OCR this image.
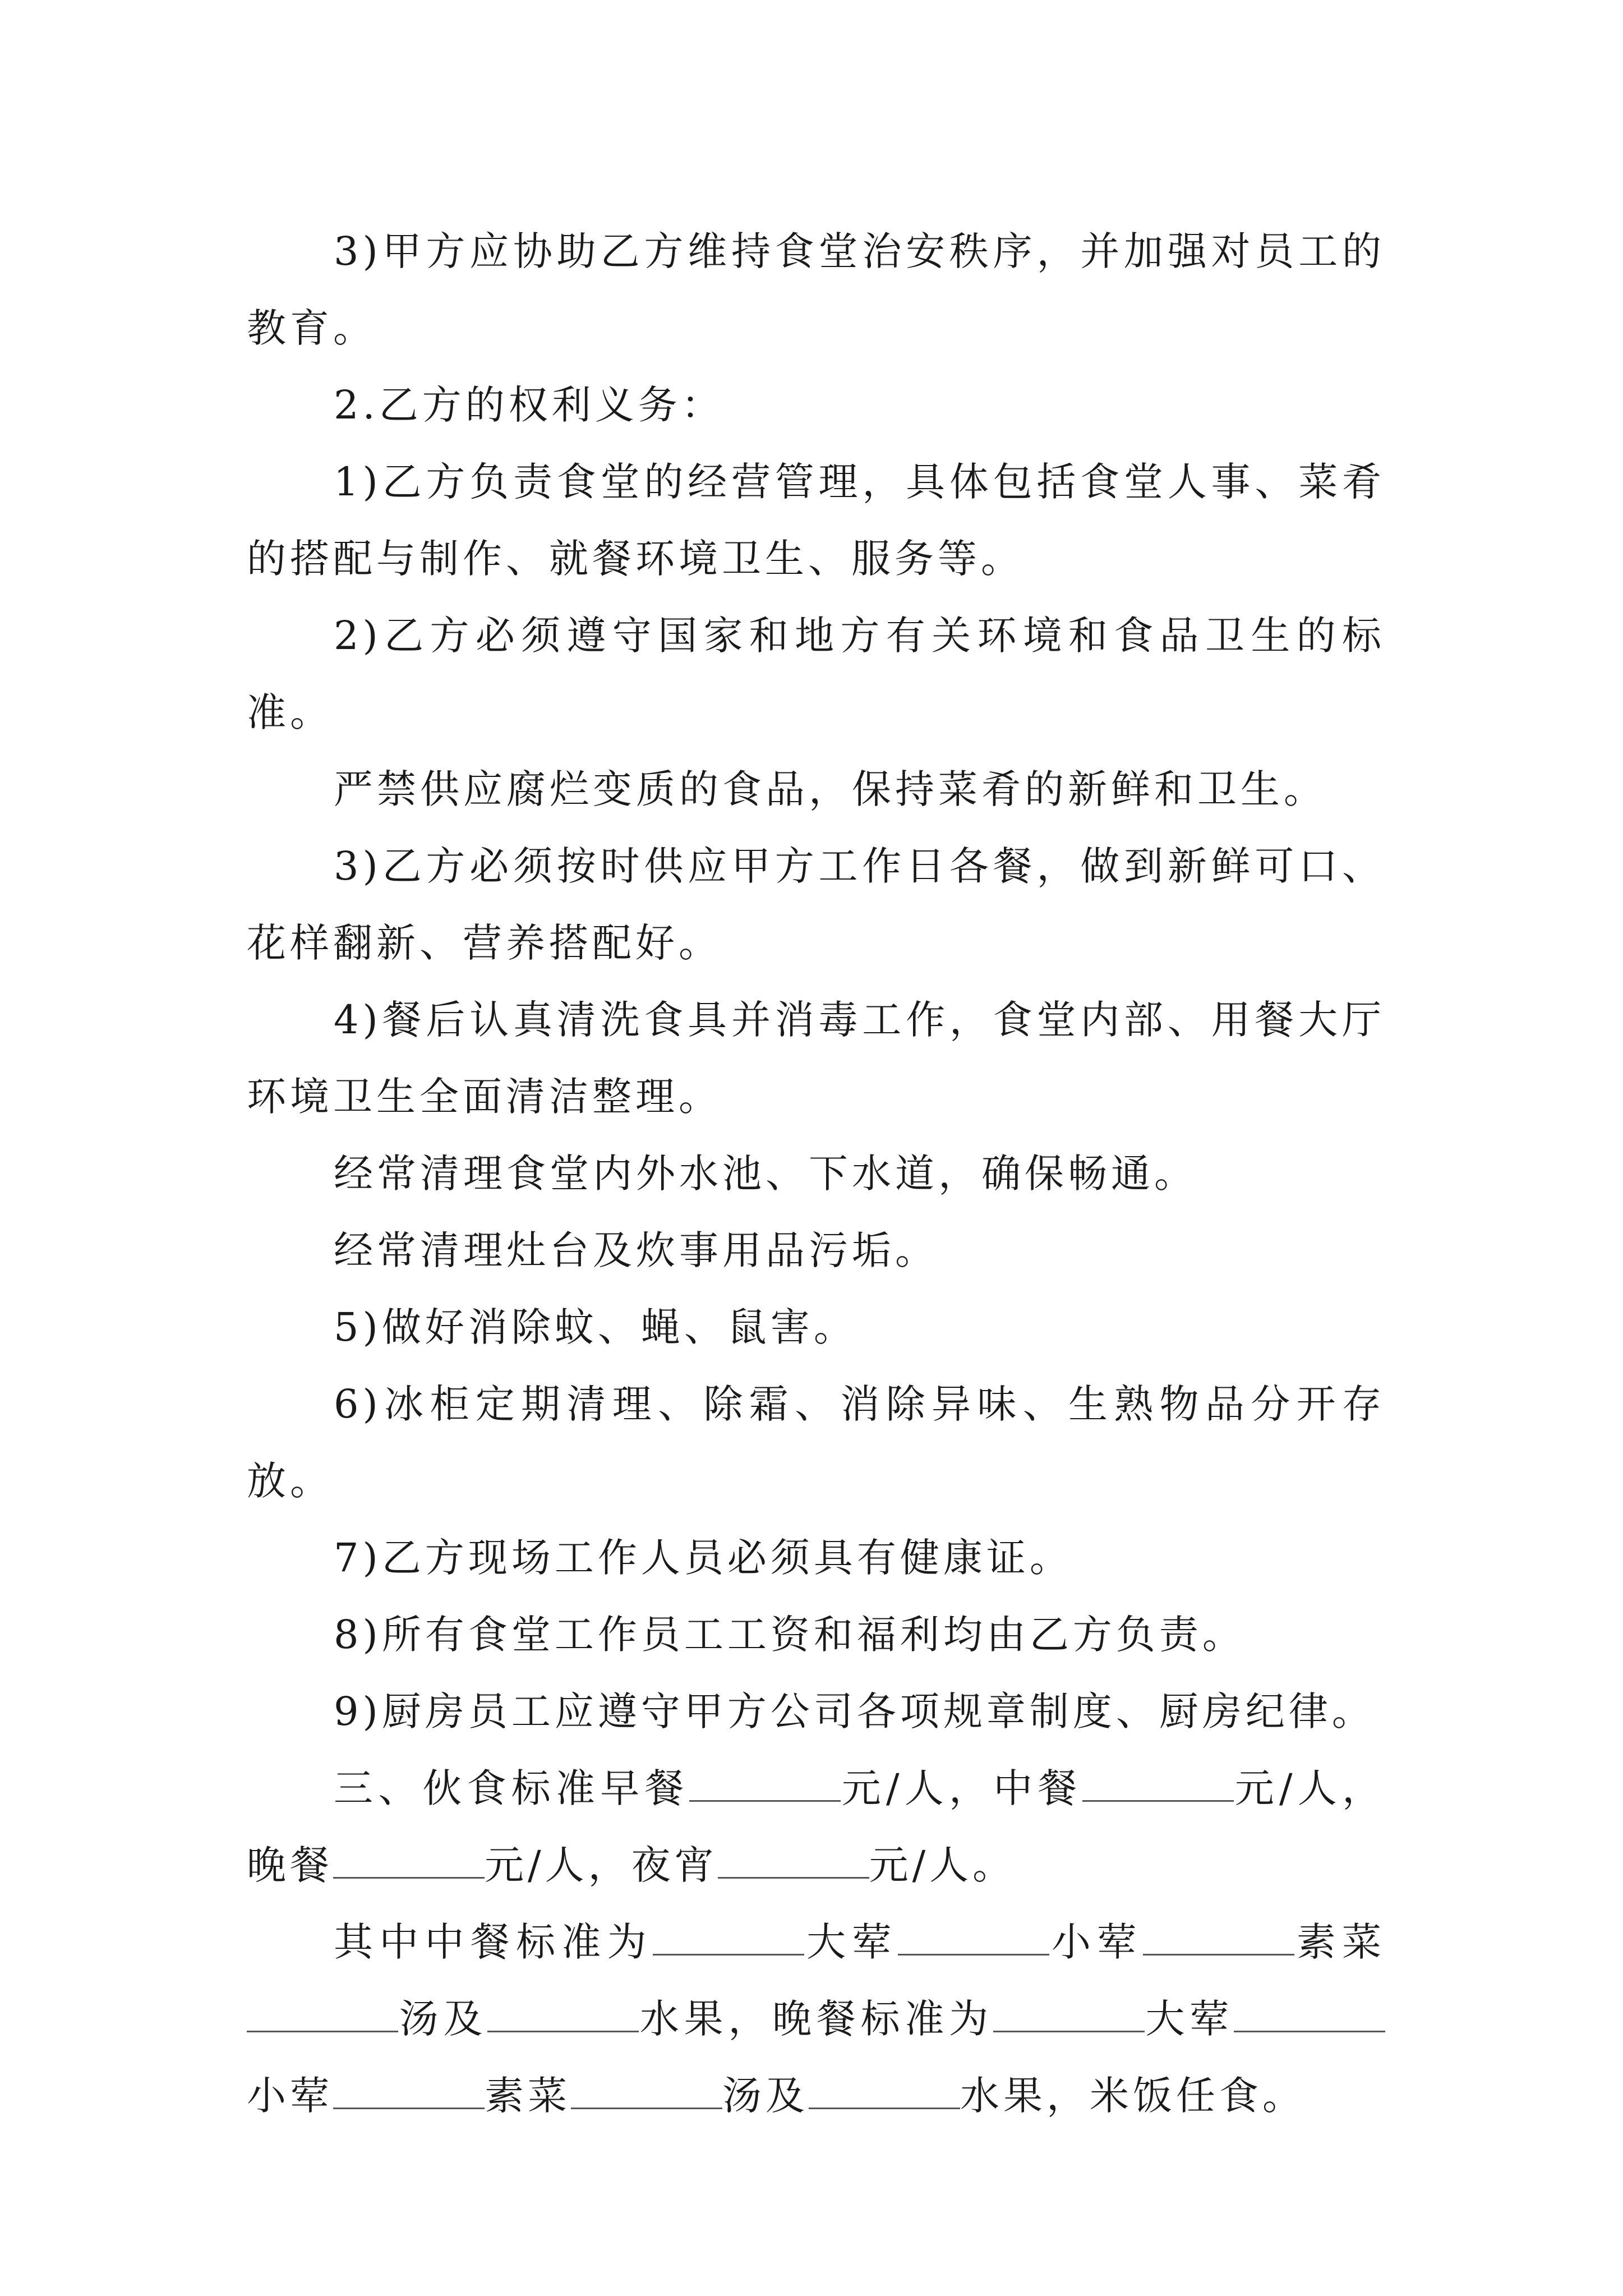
3)甲方应协助乙方维持食堂治安秩序，并加强对员工的教育。

2.乙方的权利义务：

1)乙方负责食堂的经营管理，具体包括食堂人事、菜肴的搭配与制作、就餐环境卫生、服务等。

2)乙方必须遵守国家和地方有关环境和食品卫生的标准。

严禁供应腐烂变质的食品，保持菜肴的新鲜和卫生。

3)乙方必须按时供应甲方工作日各餐，做到新鲜可口、花样翻新、营养搭配好。

4)餐后认真清洗食具并消毒工作，食堂内部、用餐大厅环境卫生全面清洁整理。

经常清理食堂内外水池、下水道，确保畅通。

经常清理灶台及炊事用品污垢。

5)做好消除蚊、蝇、鼠害。

6)冰柜定期清理、除霜、消除异味、生熟物品分开存放。

7)乙方现场工作人员必须具有健康证。

8)所有食堂工作员工工资和福利均由乙方负责。

9)厨房员工应遵守甲方公司各项规章制度、厨房纪律。

三、伙食标准早餐	元/人，中餐	元/人，晚餐	元/人，夜宵	元/人。

其中中餐标准为	大荤	小荤	素菜汤及	水果，晚餐标准为	大荤小荤	素菜	汤及	水果，米饭任食。
